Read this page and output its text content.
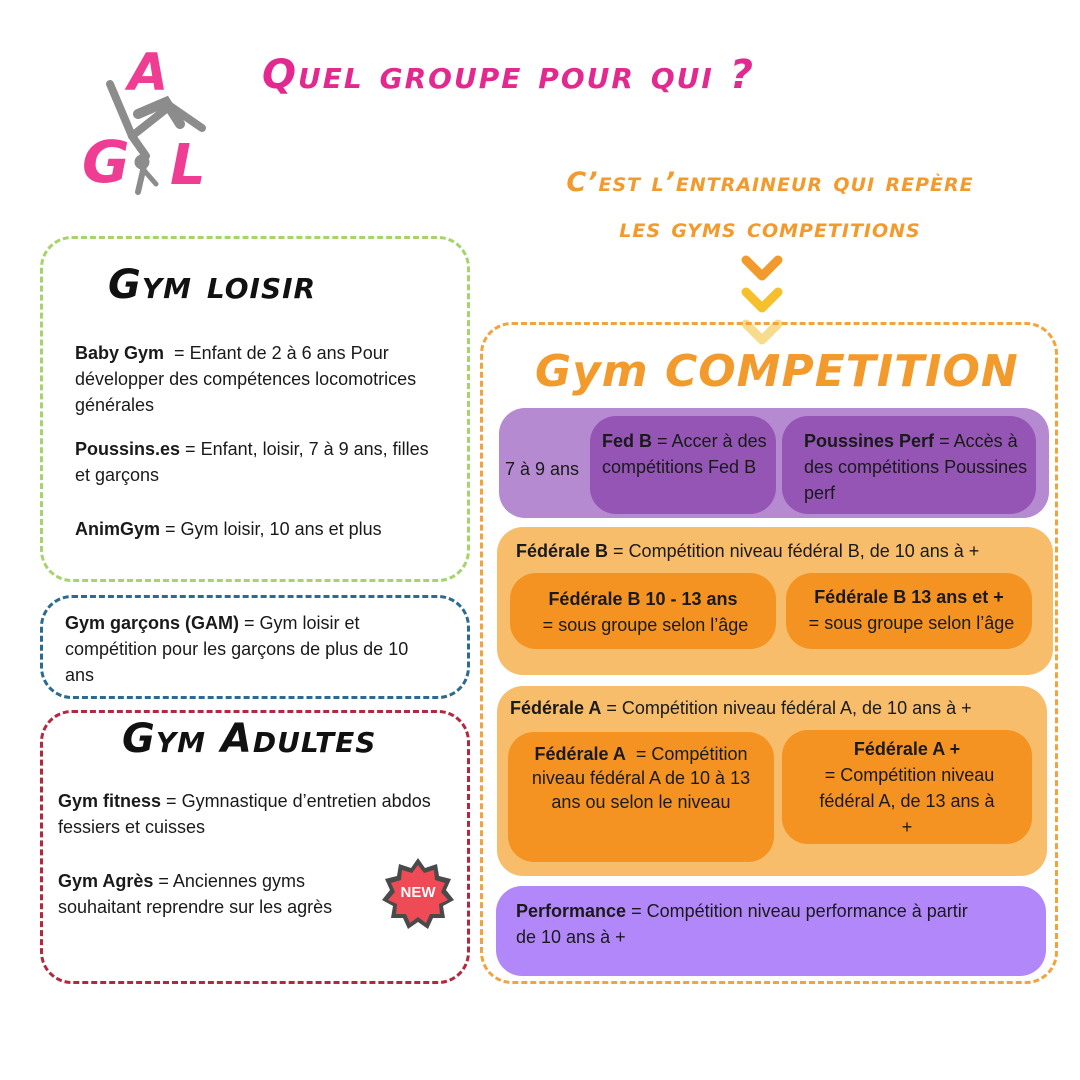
A
G L
Quel groupe pour qui ?
C’est l’entraineur qui repère
les gyms competitions
Gym loisir
Baby Gym  = Enfant de 2 à 6 ans Pour développer des compétences locomotrices générales
Poussins.es = Enfant, loisir, 7 à 9 ans, filles et garçons
AnimGym = Gym loisir, 10 ans et plus
Gym garçons (GAM) = Gym loisir et compétition pour les garçons de plus de 10 ans
Gym Adultes
Gym fitness = Gymnastique d’entretien abdos fessiers et cuisses
Gym Agrès = Anciennes gyms souhaitant reprendre sur les agrès
NEW
Gym COMPETITION
7 à 9 ans
Fed B = Accer à des compétitions Fed B
Poussines Perf = Accès à des compétitions Poussines perf
Fédérale B = Compétition niveau fédéral B, de 10 ans à +
Fédérale B 10 - 13 ans = sous groupe selon l’âge
Fédérale B 13 ans et + = sous groupe selon l’âge
Fédérale A = Compétition niveau fédéral A, de 10 ans à +
Fédérale A  = Compétition niveau fédéral A de 10 à 13 ans ou selon le niveau
Fédérale A + = Compétition niveau fédéral A, de 13 ans à +
Performance = Compétition niveau performance à partir de 10 ans à +
